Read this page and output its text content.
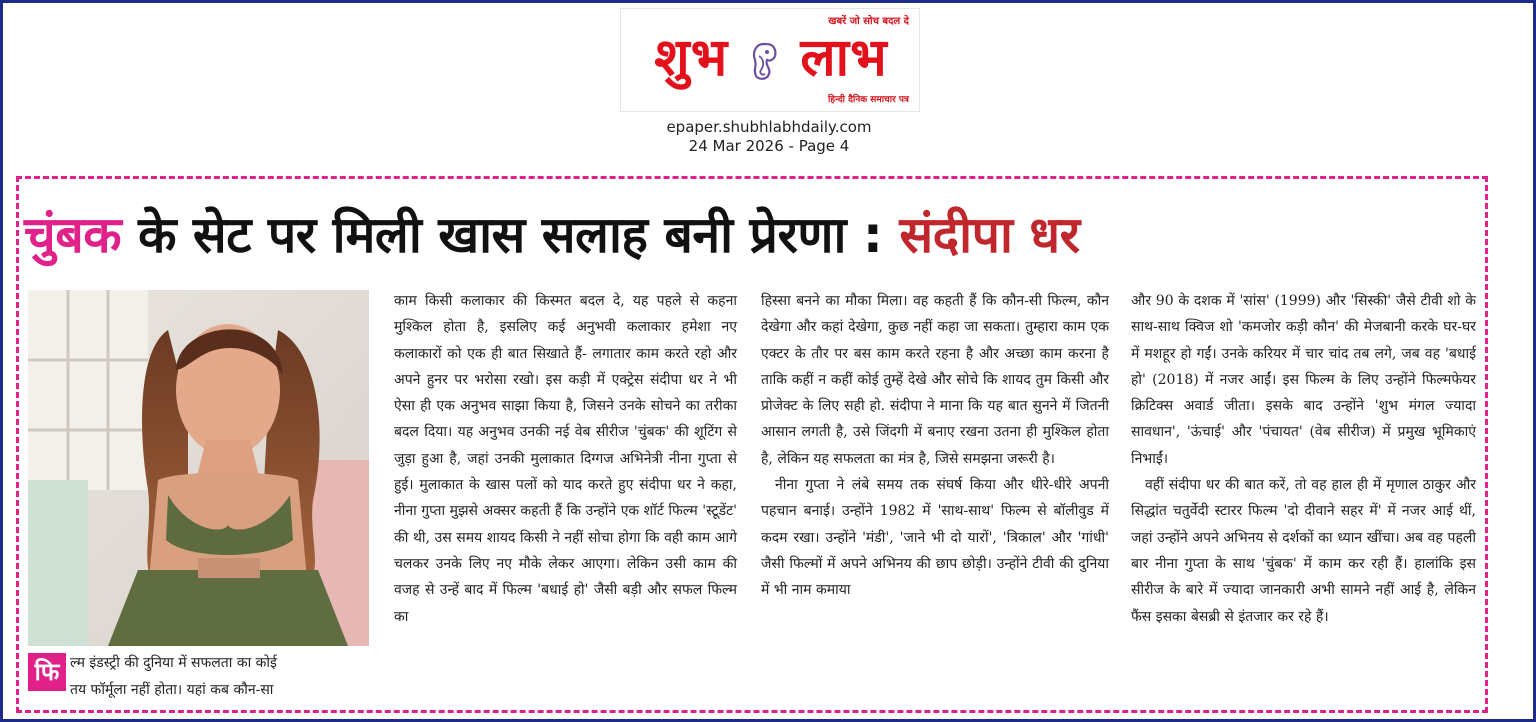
खबरें जो सोच बदल दे
शुभ लाभ
हिन्दी दैनिक समाचार पत्र
epaper.shubhlabhdaily.com
24 Mar 2026 - Page 4
चुंबक के सेट पर मिली खास सलाह बनी प्रेरणा : संदीपा धर
ल्म इंडस्ट्री की दुनिया में सफलता का कोई
तय फॉर्मूला नहीं होता। यहां कब कौन-सा
फि

काम किसी कलाकार की किस्मत बदल दे, यह पहले से कहना मुश्किल होता है, इसलिए कई अनुभवी कलाकार हमेशा नए कलाकारों को एक ही बात सिखाते हैं- लगातार काम करते रहो और अपने हुनर पर भरोसा रखो। इस कड़ी में एक्ट्रेस संदीपा धर ने भी ऐसा ही एक अनुभव साझा किया है, जिसने उनके सोचने का तरीका बदल दिया। यह अनुभव उनकी नई वेब सीरीज 'चुंबक' की शूटिंग से जुड़ा हुआ है, जहां उनकी मुलाकात दिग्गज अभिनेत्री नीना गुप्ता से हुई। मुलाकात के खास पलों को याद करते हुए संदीपा धर ने कहा, नीना गुप्ता मुझसे अक्सर कहती हैं कि उन्होंने एक शॉर्ट फिल्म 'स्टूडेंट' की थी, उस समय शायद किसी ने नहीं सोचा होगा कि वही काम आगे चलकर उनके लिए नए मौके लेकर आएगा। लेकिन उसी काम की वजह से उन्हें बाद में फिल्म 'बधाई हो' जैसी बड़ी और सफल फिल्म का

हिस्सा बनने का मौका मिला। वह कहती हैं कि कौन-सी फिल्म, कौन देखेगा और कहां देखेगा, कुछ नहीं कहा जा सकता। तुम्हारा काम एक एक्टर के तौर पर बस काम करते रहना है और अच्छा काम करना है ताकि कहीं न कहीं कोई तुम्हें देखे और सोचे कि शायद तुम किसी और प्रोजेक्ट के लिए सही हो. संदीपा ने माना कि यह बात सुनने में जितनी आसान लगती है, उसे जिंदगी में बनाए रखना उतना ही मुश्किल होता है, लेकिन यह सफलता का मंत्र है, जिसे समझना जरूरी है।

नीना गुप्ता ने लंबे समय तक संघर्ष किया और धीरे-धीरे अपनी पहचान बनाई। उन्होंने 1982 में 'साथ-साथ' फिल्म से बॉलीवुड में कदम रखा। उन्होंने 'मंडी', 'जाने भी दो यारों', 'त्रिकाल' और 'गांधी' जैसी फिल्मों में अपने अभिनय की छाप छोड़ी। उन्होंने टीवी की दुनिया में भी नाम कमाया

और 90 के दशक में 'सांस' (1999) और 'सिस्की' जैसे टीवी शो के साथ-साथ क्विज शो 'कमजोर कड़ी कौन' की मेजबानी करके घर-घर में मशहूर हो गईं। उनके करियर में चार चांद तब लगे, जब वह 'बधाई हो' (2018) में नजर आईं। इस फिल्म के लिए उन्होंने फिल्मफेयर क्रिटिक्स अवार्ड जीता। इसके बाद उन्होंने 'शुभ मंगल ज्यादा सावधान', 'ऊंचाई' और 'पंचायत' (वेब सीरीज) में प्रमुख भूमिकाएं निभाईं।

वहीं संदीपा धर की बात करें, तो वह हाल ही में मृणाल ठाकुर और सिद्धांत चतुर्वेदी स्टारर फिल्म 'दो दीवाने सहर में' में नजर आई थीं, जहां उन्होंने अपने अभिनय से दर्शकों का ध्यान खींचा। अब वह पहली बार नीना गुप्ता के साथ 'चुंबक' में काम कर रही हैं। हालांकि इस सीरीज के बारे में ज्यादा जानकारी अभी सामने नहीं आई है, लेकिन फैंस इसका बेसब्री से इंतजार कर रहे हैं।
